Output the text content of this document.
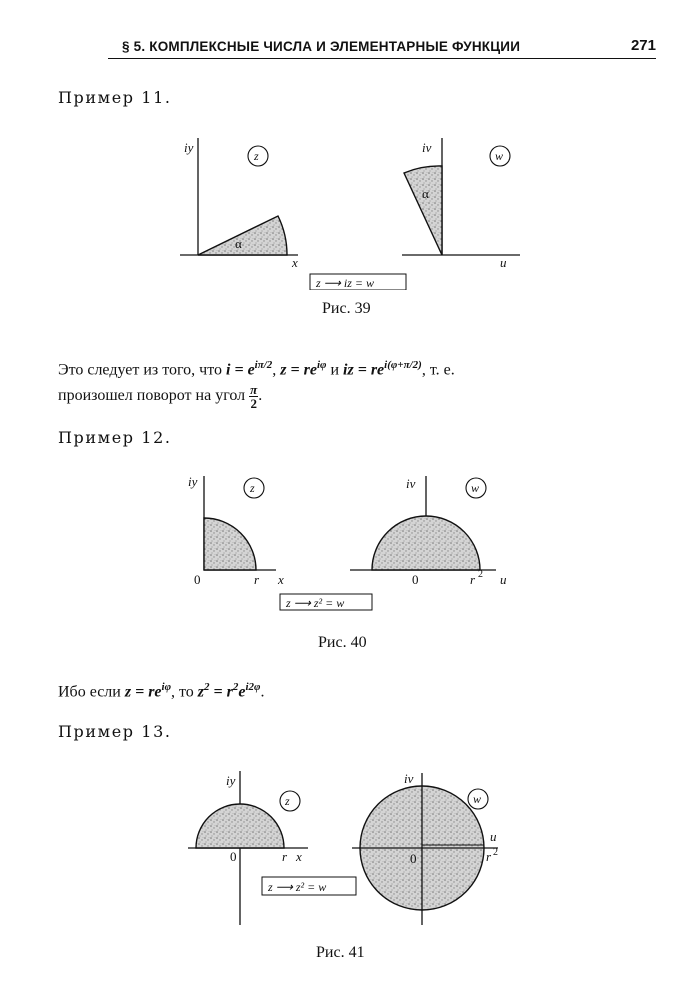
§ 5. КОМПЛЕКСНЫЕ ЧИСЛА И ЭЛЕМЕНТАРНЫЕ ФУНКЦИИ	271
Пример 11.
iy
x
α
z
iv
u
α
w
z ⟶ iz = w
Рис. 39
Это следует из того, что $i = e^{i\pi/2}$, $z = re^{i\varphi}$ и iz = $re^{i(\varphi+\pi/2)}$, т. е.
произошел поворот на угол $\frac{\pi}{2}$ .
Пример 12.
iy
0	r x
z	iv
0	r 2 u
w
z ⟶ z² = w
Рис. 40
Ибо если $z = re^{i\varphi}$, то $z^2 = r^2e^{i2\varphi}$.
Пример 13.
iy
0	r x
z
iv
0	r 2
u
w
z ⟶ z² = w
Рис. 41
